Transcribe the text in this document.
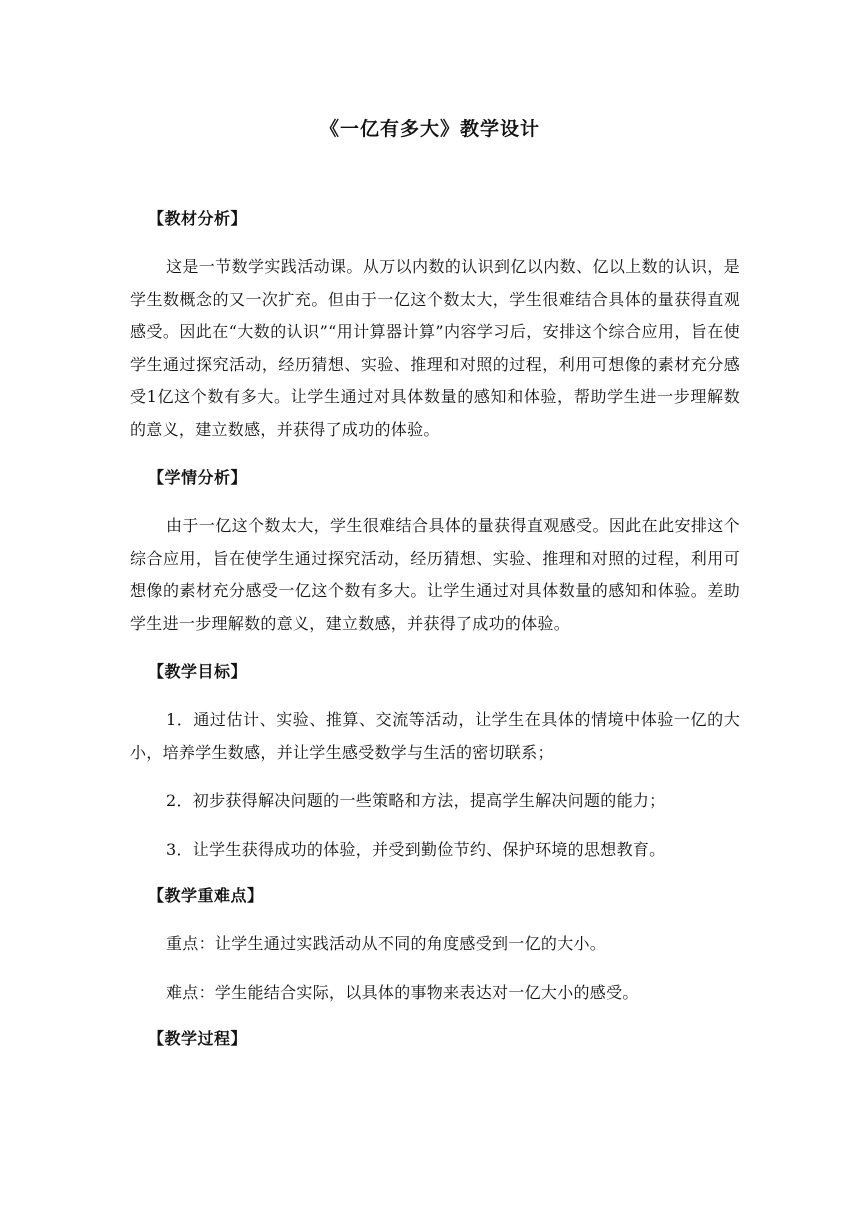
《一亿有多大》教学设计

【教材分析】

这是一节数学实践活动课。从万以内数的认识到亿以内数、亿以上数的认识，是学生数概念的又一次扩充。但由于一亿这个数太大，学生很难结合具体的量获得直观感受。因此在“大数的认识”“用计算器计算”内容学习后，安排这个综合应用，旨在使学生通过探究活动，经历猜想、实验、推理和对照的过程，利用可想像的素材充分感受1亿这个数有多大。让学生通过对具体数量的感知和体验，帮助学生进一步理解数的意义，建立数感，并获得了成功的体验。

【学情分析】

由于一亿这个数太大，学生很难结合具体的量获得直观感受。因此在此安排这个综合应用，旨在使学生通过探究活动，经历猜想、实验、推理和对照的过程，利用可想像的素材充分感受一亿这个数有多大。让学生通过对具体数量的感知和体验。差助学生进一步理解数的意义，建立数感，并获得了成功的体验。

【教学目标】

1．通过估计、实验、推算、交流等活动，让学生在具体的情境中体验一亿的大小，培养学生数感，并让学生感受数学与生活的密切联系；

2．初步获得解决问题的一些策略和方法，提高学生解决问题的能力；

3．让学生获得成功的体验，并受到勤俭节约、保护环境的思想教育。

【教学重难点】

重点：让学生通过实践活动从不同的角度感受到一亿的大小。

难点：学生能结合实际，以具体的事物来表达对一亿大小的感受。

【教学过程】
